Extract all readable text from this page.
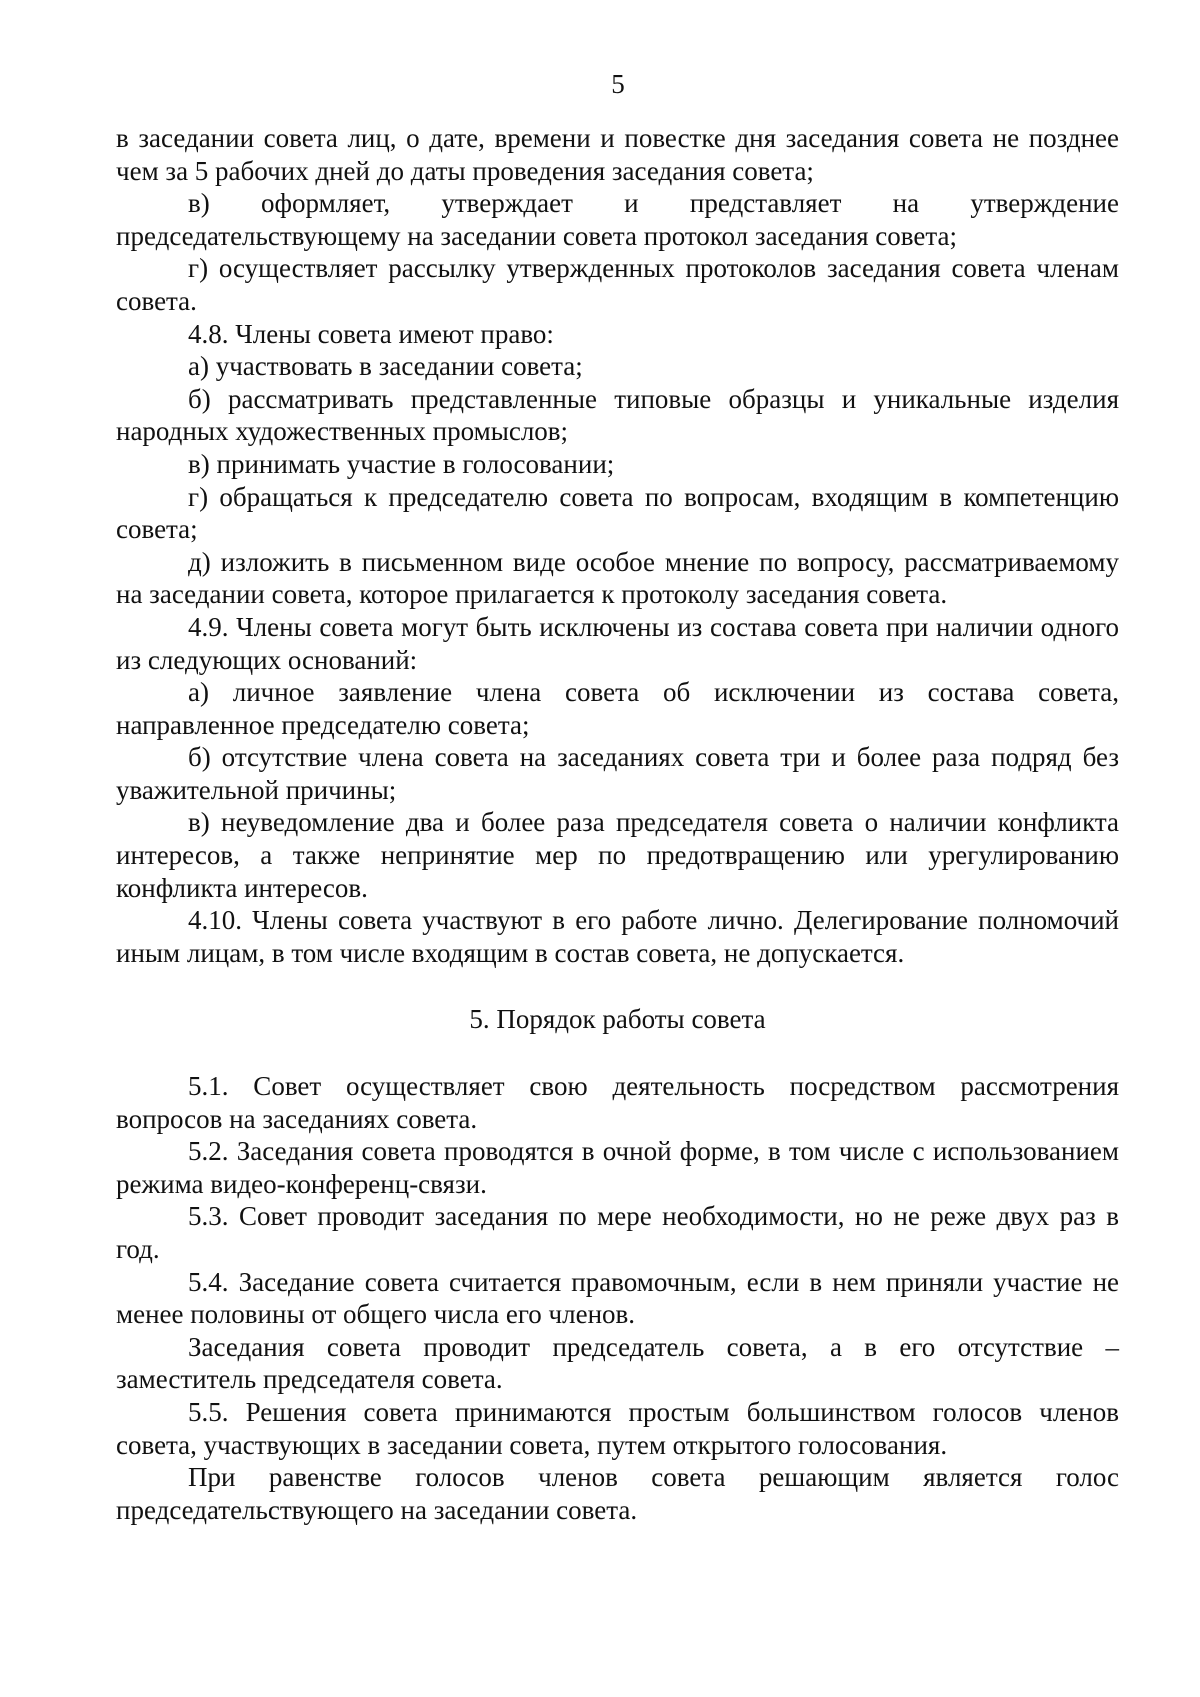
5

в заседании совета лиц, о дате, времени и повестке дня заседания совета не позднее чем за 5 рабочих дней до даты проведения заседания совета;

в) оформляет, утверждает и представляет на утверждение председательствующему на заседании совета протокол заседания совета;

г) осуществляет рассылку утвержденных протоколов заседания совета членам совета.

4.8. Члены совета имеют право:

а) участвовать в заседании совета;

б) рассматривать представленные типовые образцы и уникальные изделия народных художественных промыслов;

в) принимать участие в голосовании;

г) обращаться к председателю совета по вопросам, входящим в компетенцию совета;

д) изложить в письменном виде особое мнение по вопросу, рассматриваемому на заседании совета, которое прилагается к протоколу заседания совета.

4.9. Члены совета могут быть исключены из состава совета при наличии одного из следующих оснований:

а) личное заявление члена совета об исключении из состава совета, направленное председателю совета;

б) отсутствие члена совета на заседаниях совета три и более раза подряд без уважительной причины;

в) неуведомление два и более раза председателя совета о наличии конфликта интересов, а также непринятие мер по предотвращению или урегулированию конфликта интересов.

4.10. Члены совета участвуют в его работе лично. Делегирование полномочий иным лицам, в том числе входящим в состав совета, не допускается.

5. Порядок работы совета

5.1. Совет осуществляет свою деятельность посредством рассмотрения вопросов на заседаниях совета.

5.2. Заседания совета проводятся в очной форме, в том числе с использованием режима видео-конференц-связи.

5.3. Совет проводит заседания по мере необходимости, но не реже двух раз в год.

5.4. Заседание совета считается правомочным, если в нем приняли участие не менее половины от общего числа его членов.

Заседания совета проводит председатель совета, а в его отсутствие – заместитель председателя совета.

5.5. Решения совета принимаются простым большинством голосов членов совета, участвующих в заседании совета, путем открытого голосования.

При равенстве голосов членов совета решающим является голос председательствующего на заседании совета.
